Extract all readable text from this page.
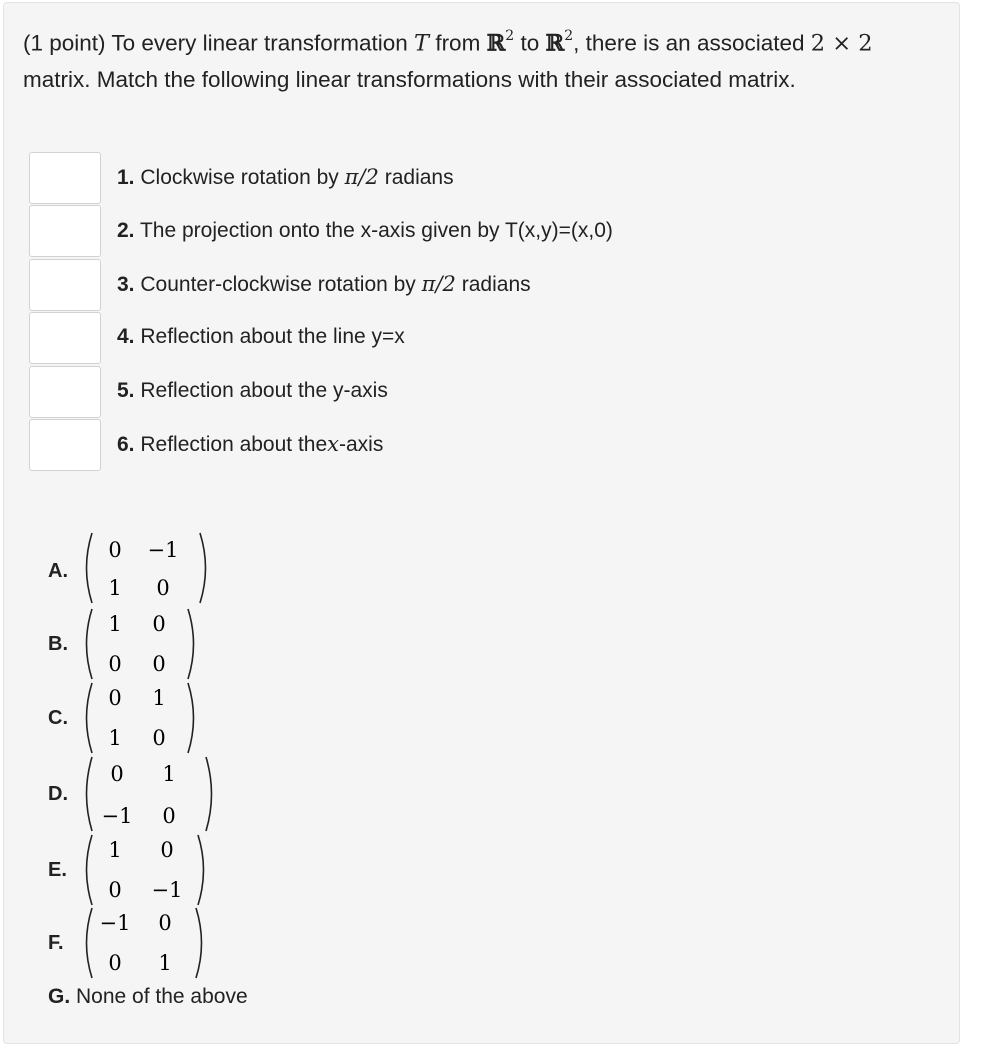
(1 point) To every linear transformation T from ℝ$^2$ to ℝ$^2$, there is an associated 2 × 2 matrix. Match the following linear transformations with their associated matrix.
1. Clockwise rotation by π/2 radians
2. The projection onto the x-axis given by T(x,y)=(x,0)
3. Counter-clockwise rotation by π/2 radians
4. Reflection about the line y=x
5. Reflection about the y-axis
6. Reflection about thex-axis
A.
0	−1
1	0
B.
1	0
0	0
C.
0	1
1	0
D.
0	1
−1	0
E.
1	0
0	−1
F.
−1	0
0	1
G. None of the above
